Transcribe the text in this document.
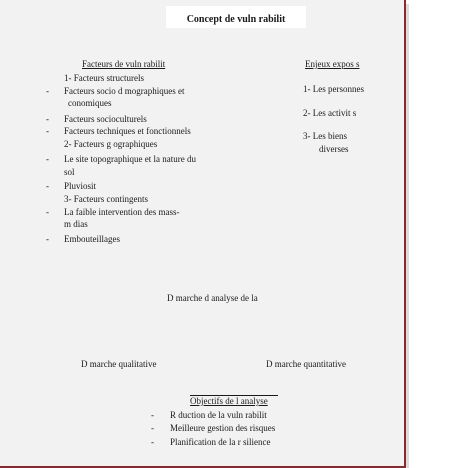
Concept de vuln rabilit
Facteurs de vuln rabilit
1- Facteurs structurels
- Facteurs socio d mographiques et
conomiques
- Facteurs socioculturels
- Facteurs techniques et fonctionnels
2- Facteurs g ographiques
- Le site topographique et la nature du
sol
- Pluviosit
3- Facteurs contingents
- La faible intervention des mass-
m dias
- Embouteillages
Enjeux expos s
1- Les personnes
2- Les activit s
3- Les biens
diverses
D marche d analyse de la
D marche qualitative	D marche quantitative
Objectifs de l analyse
- R duction de la vuln rabilit
- Meilleure gestion des risques
- Planification de la r silience
